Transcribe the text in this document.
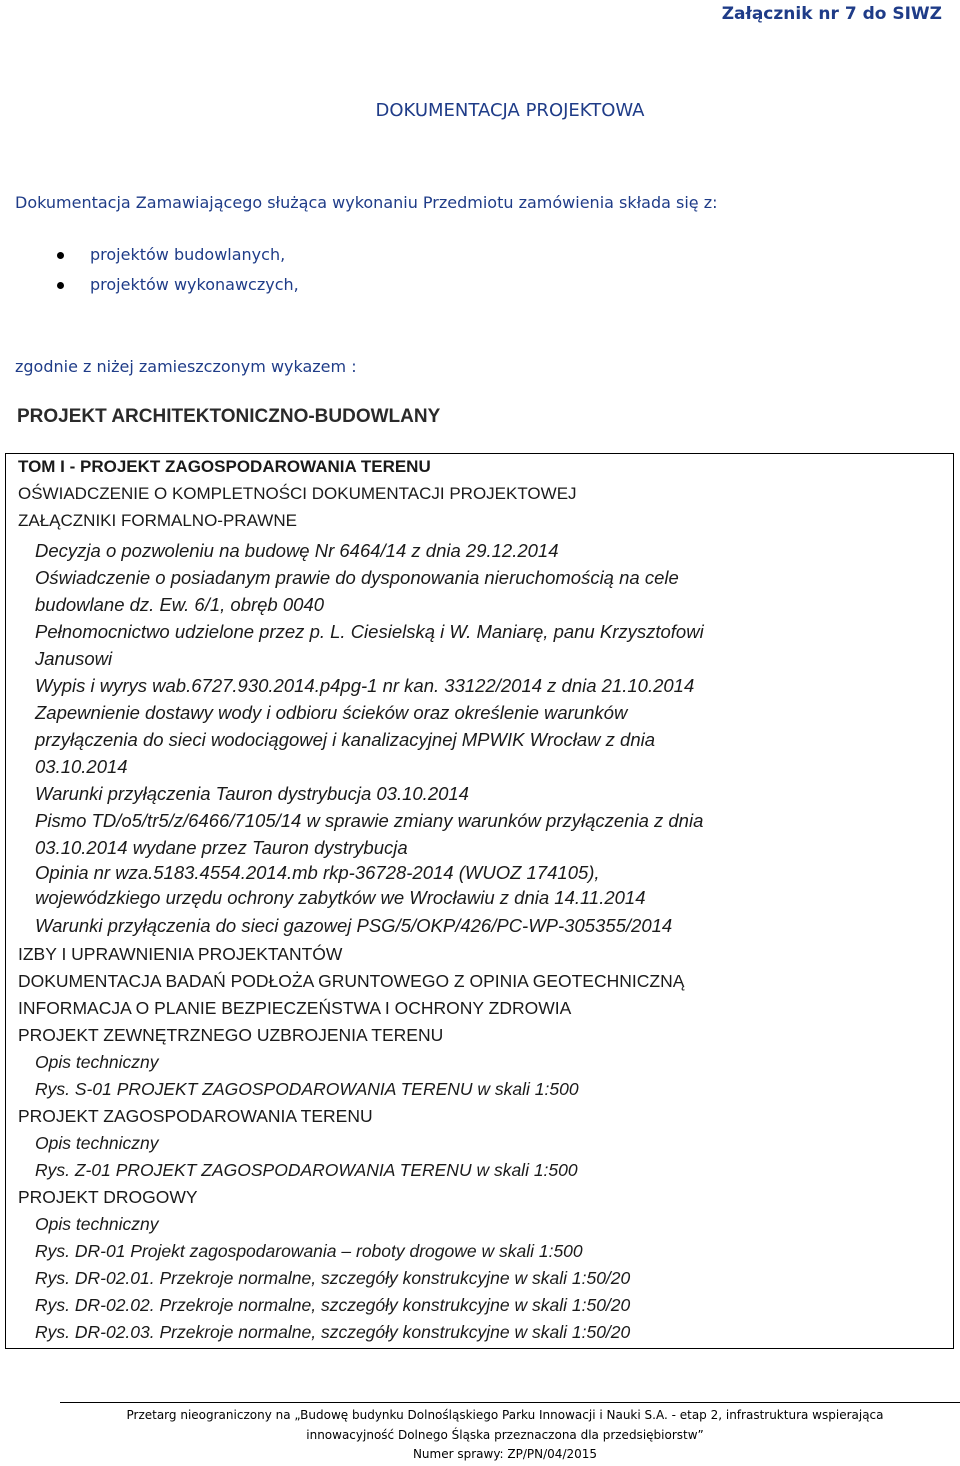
Załącznik nr 7 do SIWZ
DOKUMENTACJA PROJEKTOWA
Dokumentacja Zamawiającego służąca wykonaniu Przedmiotu zamówienia składa się z:
projektów budowlanych,
projektów wykonawczych,
zgodnie z niżej zamieszczonym wykazem :
PROJEKT ARCHITEKTONICZNO-BUDOWLANY
TOM I - PROJEKT ZAGOSPODAROWANIA TERENU
OŚWIADCZENIE O KOMPLETNOŚCI DOKUMENTACJI PROJEKTOWEJ
ZAŁĄCZNIKI FORMALNO-PRAWNE
Decyzja o pozwoleniu na budowę Nr 6464/14 z dnia 29.12.2014
Oświadczenie o posiadanym prawie do dysponowania nieruchomością na cele
budowlane dz. Ew. 6/1, obręb 0040
Pełnomocnictwo udzielone przez p. L. Ciesielską i W. Maniarę, panu Krzysztofowi
Janusowi
Wypis i wyrys wab.6727.930.2014.p4pg-1 nr kan. 33122/2014 z dnia 21.10.2014
Zapewnienie dostawy wody i odbioru ścieków oraz określenie warunków
przyłączenia do sieci wodociągowej i kanalizacyjnej MPWIK Wrocław z dnia
03.10.2014
Warunki przyłączenia Tauron dystrybucja 03.10.2014
Pismo TD/o5/tr5/z/6466/7105/14 w sprawie zmiany warunków przyłączenia z dnia
03.10.2014 wydane przez Tauron dystrybucja
Opinia nr wza.5183.4554.2014.mb rkp-36728-2014 (WUOZ 174105),
wojewódzkiego urzędu ochrony zabytków we Wrocławiu z dnia 14.11.2014
Warunki przyłączenia do sieci gazowej PSG/5/OKP/426/PC-WP-305355/2014
IZBY I UPRAWNIENIA PROJEKTANTÓW
DOKUMENTACJA BADAŃ PODŁOŻA GRUNTOWEGO Z OPINIA GEOTECHNICZNĄ
INFORMACJA O PLANIE BEZPIECZEŃSTWA I OCHRONY ZDROWIA
PROJEKT ZEWNĘTRZNEGO UZBROJENIA TERENU
Opis techniczny
Rys. S-01 PROJEKT ZAGOSPODAROWANIA TERENU w skali 1:500
PROJEKT ZAGOSPODAROWANIA TERENU
Opis techniczny
Rys. Z-01 PROJEKT ZAGOSPODAROWANIA TERENU w skali 1:500
PROJEKT DROGOWY
Opis techniczny
Rys. DR-01 Projekt zagospodarowania – roboty drogowe w skali 1:500
Rys. DR-02.01. Przekroje normalne, szczegóły konstrukcyjne w skali 1:50/20
Rys. DR-02.02. Przekroje normalne, szczegóły konstrukcyjne w skali 1:50/20
Rys. DR-02.03. Przekroje normalne, szczegóły konstrukcyjne w skali 1:50/20
Przetarg nieograniczony na „Budowę budynku Dolnośląskiego Parku Innowacji i Nauki S.A. - etap 2, infrastruktura wspierająca
innowacyjność Dolnego Śląska przeznaczona dla przedsiębiorstw”
Numer sprawy: ZP/PN/04/2015
